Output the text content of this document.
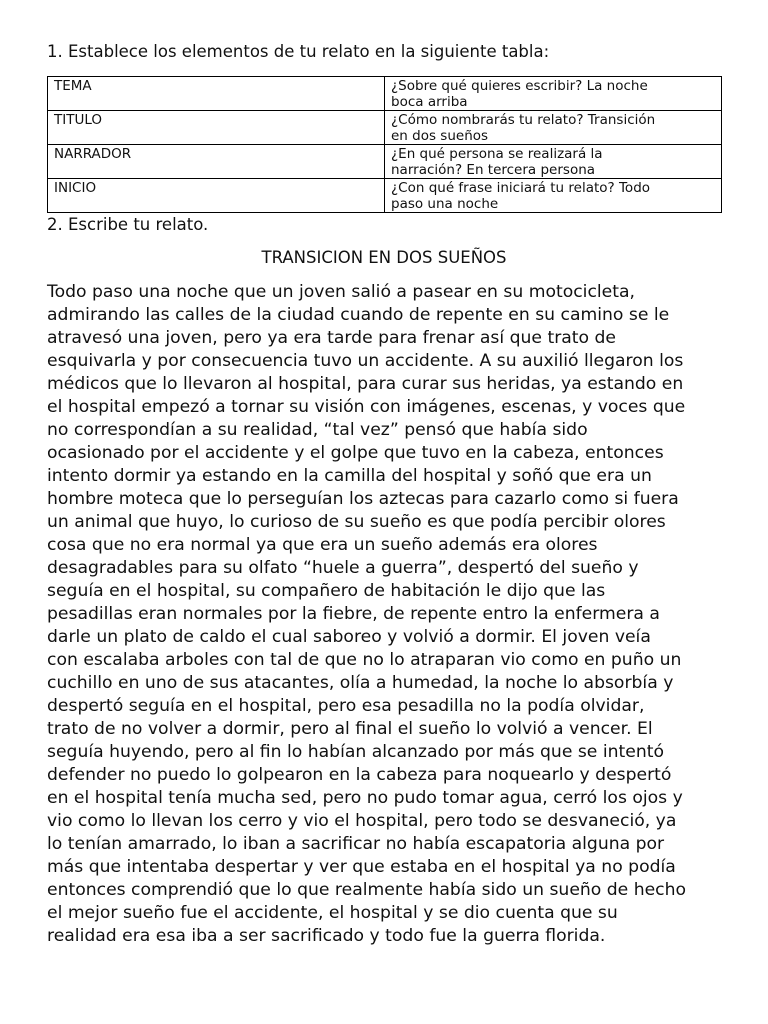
1. Establece los elementos de tu relato en la siguiente tabla:
TEMA	¿Sobre qué quieres escribir? La noche
boca arriba
TITULO	¿Cómo nombrarás tu relato? Transición
en dos sueños
NARRADOR	¿En qué persona se realizará la
narración? En tercera persona
INICIO	¿Con qué frase iniciará tu relato? Todo
paso una noche
2. Escribe tu relato.
TRANSICION EN DOS SUEÑOS
Todo paso una noche que un joven salió a pasear en su motocicleta,
admirando las calles de la ciudad cuando de repente en su camino se le
atravesó una joven, pero ya era tarde para frenar así que trato de
esquivarla y por consecuencia tuvo un accidente. A su auxilió llegaron los
médicos que lo llevaron al hospital, para curar sus heridas, ya estando en
el hospital empezó a tornar su visión con imágenes, escenas, y voces que
no correspondían a su realidad, “tal vez” pensó que había sido
ocasionado por el accidente y el golpe que tuvo en la cabeza, entonces
intento dormir ya estando en la camilla del hospital y soñó que era un
hombre moteca que lo perseguían los aztecas para cazarlo como si fuera
un animal que huyo, lo curioso de su sueño es que podía percibir olores
cosa que no era normal ya que era un sueño además era olores
desagradables para su olfato “huele a guerra”, despertó del sueño y
seguía en el hospital, su compañero de habitación le dijo que las
pesadillas eran normales por la fiebre, de repente entro la enfermera a
darle un plato de caldo el cual saboreo y volvió a dormir. El joven veía
con escalaba arboles con tal de que no lo atraparan vio como en puño un
cuchillo en uno de sus atacantes, olía a humedad, la noche lo absorbía y
despertó seguía en el hospital, pero esa pesadilla no la podía olvidar,
trato de no volver a dormir, pero al final el sueño lo volvió a vencer. El
seguía huyendo, pero al fin lo habían alcanzado por más que se intentó
defender no puedo lo golpearon en la cabeza para noquearlo y despertó
en el hospital tenía mucha sed, pero no pudo tomar agua, cerró los ojos y
vio como lo llevan los cerro y vio el hospital, pero todo se desvaneció, ya
lo tenían amarrado, lo iban a sacrificar no había escapatoria alguna por
más que intentaba despertar y ver que estaba en el hospital ya no podía
entonces comprendió que lo que realmente había sido un sueño de hecho
el mejor sueño fue el accidente, el hospital y se dio cuenta que su
realidad era esa iba a ser sacrificado y todo fue la guerra florida.
